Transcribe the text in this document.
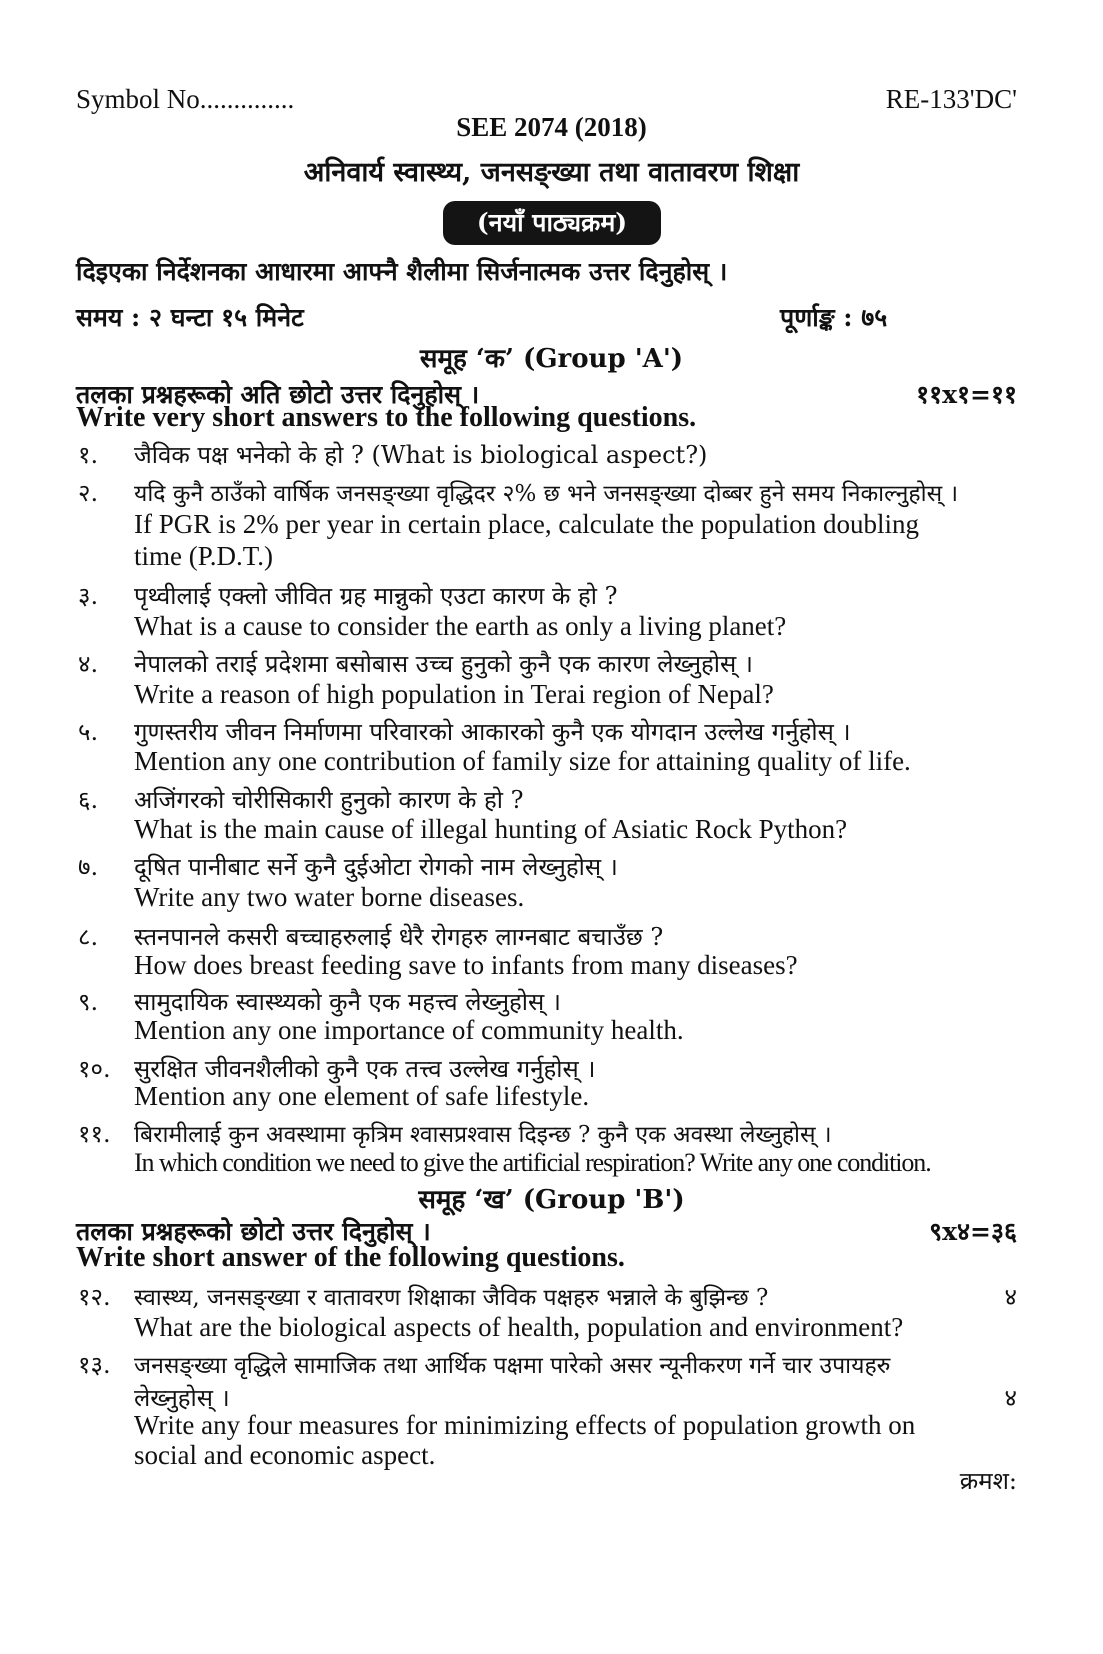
Symbol No..............	RE-133'DC'
SEE 2074 (2018)
अनिवार्य स्वास्थ्य, जनसङ्ख्या तथा वातावरण शिक्षा
(नयाँ पाठ्यक्रम)
दिइएका निर्देशनका आधारमा आफ्नै शैलीमा सिर्जनात्मक उत्तर दिनुहोस् ।
समय : २ घन्टा १५ मिनेट	पूर्णाङ्क : ७५
समूह ‘क’ (Group 'A')
तलका प्रश्नहरूको अति छोटो उत्तर दिनुहोस् ।	११x१=११
Write very short answers to the following questions.
१. जैविक पक्ष भनेको के हो ? (What is biological aspect?)
२. यदि कुनै ठाउँको वार्षिक जनसङ्ख्या वृद्धिदर २% छ भने जनसङ्ख्या दोब्बर हुने समय निकाल्नुहोस् ।
If PGR is 2% per year in certain place, calculate the population doubling
time (P.D.T.)
३. पृथ्वीलाई एक्लो जीवित ग्रह मान्नुको एउटा कारण के हो ?
What is a cause to consider the earth as only a living planet?
४. नेपालको तराई प्रदेशमा बसोबास उच्च हुनुको कुनै एक कारण लेख्नुहोस् ।
Write a reason of high population in Terai region of Nepal?
५. गुणस्तरीय जीवन निर्माणमा परिवारको आकारको कुनै एक योगदान उल्लेख गर्नुहोस् ।
Mention any one contribution of family size for attaining quality of life.
६. अजिंगरको चोरीसिकारी हुनुको कारण के हो ?
What is the main cause of illegal hunting of Asiatic Rock Python?
७. दूषित पानीबाट सर्ने कुनै दुईओटा रोगको नाम लेख्नुहोस् ।
Write any two water borne diseases.
८. स्तनपानले कसरी बच्चाहरुलाई धेरै रोगहरु लाग्नबाट बचाउँछ ?
How does breast feeding save to infants from many diseases?
९. सामुदायिक स्वास्थ्यको कुनै एक महत्त्व लेख्नुहोस् ।
Mention any one importance of community health.
१०. सुरक्षित जीवनशैलीको कुनै एक तत्त्व उल्लेख गर्नुहोस् ।
Mention any one element of safe lifestyle.
११. बिरामीलाई कुन अवस्थामा कृत्रिम श्वासप्रश्वास दिइन्छ ? कुनै एक अवस्था लेख्नुहोस् ।
In which condition we need to give the artificial respiration? Write any one condition.
समूह ‘ख’ (Group 'B')
तलका प्रश्नहरूको छोटो उत्तर दिनुहोस् ।	९x४=३६
Write short answer of the following questions.
१२. स्वास्थ्य, जनसङ्ख्या र वातावरण शिक्षाका जैविक पक्षहरु भन्नाले के बुझिन्छ ?	४
What are the biological aspects of health, population and environment?
१३. जनसङ्ख्या वृद्धिले सामाजिक तथा आर्थिक पक्षमा पारेको असर न्यूनीकरण गर्ने चार उपायहरु
लेख्नुहोस् ।	४
Write any four measures for minimizing effects of population growth on
social and economic aspect.
क्रमश:
